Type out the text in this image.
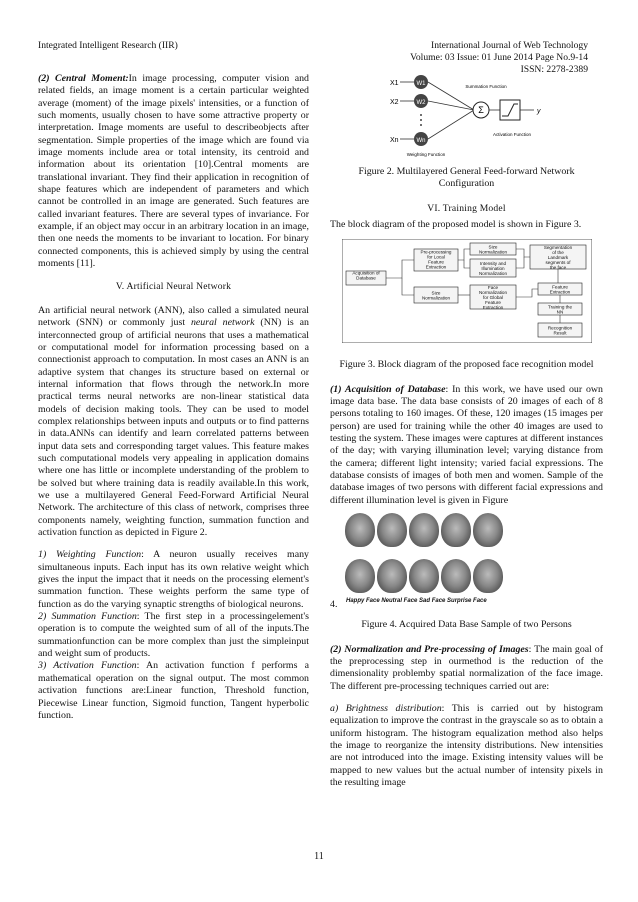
Integrated Intelligent Research (IIR)	International Journal of Web Technology
Volume: 03 Issue: 01 June 2014 Page No.9-14
ISSN: 2278-2389

(2) Central Moment:In image processing, computer vision and related fields, an image moment is a certain particular weighted average (moment) of the image pixels' intensities, or a function of such moments, usually chosen to have some attractive property or interpretation. Image moments are useful to describeobjects after segmentation. Simple properties of the image which are found via image moments include area or total intensity, its centroid and information about its orientation [10].Central moments are translational invariant. They find their application in recognition of shape features which are independent of parameters and which cannot be controlled in an image are generated. Such features are called invariant features. There are several types of invariance. For example, if an object may occur in an arbitrary location in an image, then one needs the moments to be invariant to location. For binary connected components, this is achieved simply by using the central moments [11].

V. Artificial Neural Network

An artificial neural network (ANN), also called a simulated neural network (SNN) or commonly just neural network (NN) is an interconnected group of artificial neurons that uses a mathematical or computational model for information processing based on a connectionist approach to computation. In most cases an ANN is an adaptive system that changes its structure based on external or internal information that flows through the network.In more practical terms neural networks are non-linear statistical data models of decision making tools. They can be used to model complex relationships between inputs and outputs or to find patterns in data.ANNs can identify and learn correlated patterns between input data sets and corresponding target values. This feature makes such computational models very appealing in application domains where one has little or incomplete understanding of the problem to be solved but where training data is readily available.In this work, we use a multilayered General Feed-Forward Artificial Neural Network. The architecture of this class of network, comprises three components namely, weighting function, summation function and activation function as depicted in Figure 2.

1) Weighting Function: A neuron usually receives many simultaneous inputs. Each input has its own relative weight which gives the input the impact that it needs on the processing element's summation function. These weights perform the same type of function as do the varying synaptic strengths of biological neurons.

2) Summation Function: The first step in a processingelement's operation is to compute the weighted sum of all of the inputs.The summationfunction can be more complex than just the simpleinput and weight sum of products.

3) Activation Function: An activation function f performs a mathematical operation on the signal output. The most common activation functions are:Linear function, Threshold function, Piecewise Linear function, Sigmoid function, Tangent hyperbolic function.

X1
X2
Xn
W1
W2
Wn
Σ	y
Summation Function
Activation Function
Weighting Function

Figure 2. Multilayered General Feed-forward Network Configuration

VI. Training Model

The block diagram of the proposed model is shown in Figure 3.

Acquisition of Database
Pre-processing for Local Feature Extraction
Size Normalization
Intensity and Illumination Normalization
Segmentation of the Landmark segments of the face
Size Normalization
Face Normalization for Global Feature Extraction
Feature Extraction
Training the NN
Recognition Result

Figure 3. Block diagram of the proposed face recognition model

(1) Acquisition of Database: In this work, we have used our own image data base. The data base consists of 20 images of each of 8 persons totaling to 160 images. Of these, 120 images (15 images per person) are used for training while the other 40 images are used to testing the system. These images were captures at different instances of the day; with varying illumination level; varying distance from the camera; different light intensity; varied facial expressions. The database consists of images of both men and women. Sample of the database images of two persons with different facial expressions and different illumination level is given in Figure

4. Happy Face Neutral Face Sad Face Surprise Face

Figure 4. Acquired Data Base Sample of two Persons

(2) Normalization and Pre-processing of Images: The main goal of the preprocessing step in ourmethod is the reduction of the dimensionality problemby spatial normalization of the face image. The different pre-processing techniques carried out are:

a) Brightness distribution: This is carried out by histogram equalization to improve the contrast in the grayscale so as to obtain a uniform histogram. The histogram equalization method also helps the image to reorganize the intensity distributions. New intensities are not introduced into the image. Existing intensity values will be mapped to new values but the actual number of intensity pixels in the resulting image

11
